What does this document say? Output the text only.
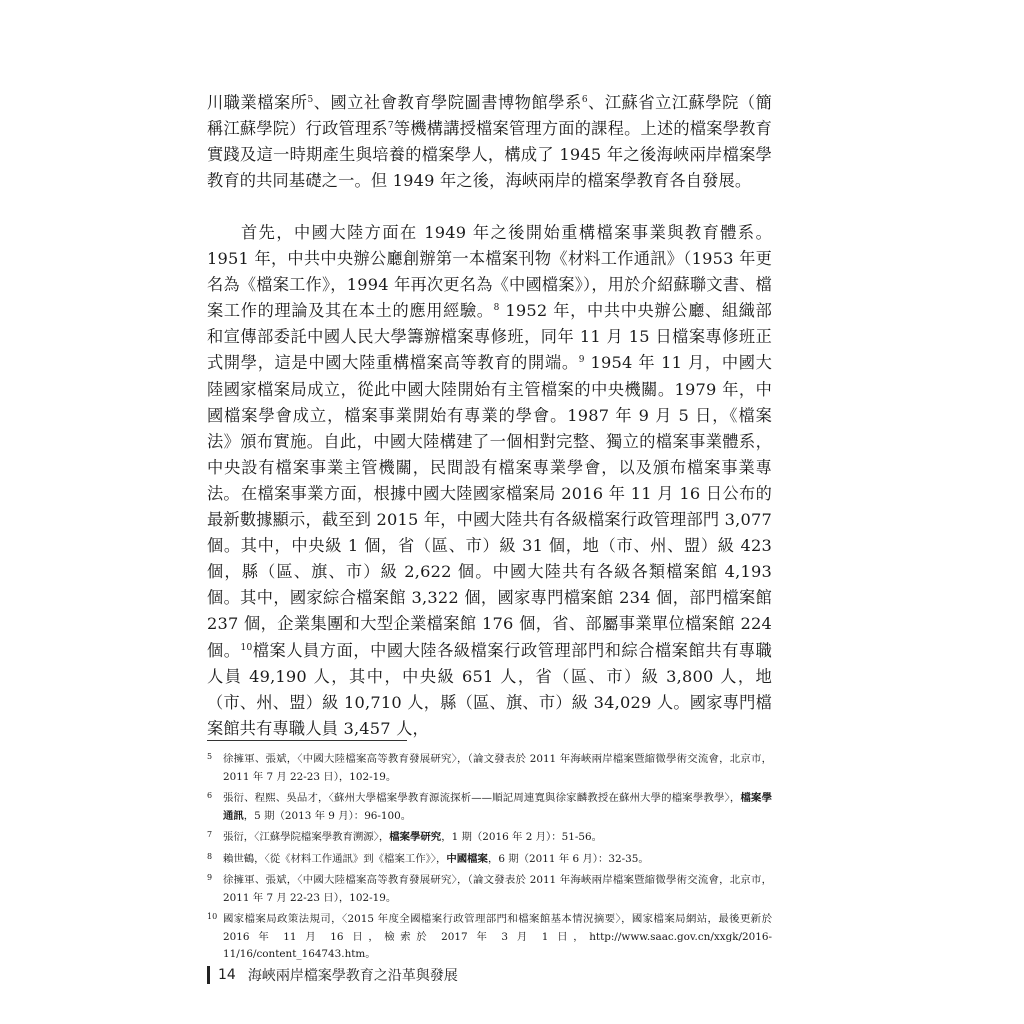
川職業檔案所$^5$、國立社會教育學院圖書博物館學系$^6$、江蘇省立江蘇學院（簡稱江蘇學院）行政管理系$^7$等機構講授檔案管理方面的課程。上述的檔案學教育實踐及這一時期產生與培養的檔案學人，構成了 1945 年之後海峽兩岸檔案學教育的共同基礎之一。但 1949 年之後，海峽兩岸的檔案學教育各自發展。

首先，中國大陸方面在 1949 年之後開始重構檔案事業與教育體系。1951 年，中共中央辦公廳創辦第一本檔案刊物《材料工作通訊》（1953 年更名為《檔案工作》，1994 年再次更名為《中國檔案》），用於介紹蘇聯文書、檔案工作的理論及其在本土的應用經驗。$^8$ 1952 年，中共中央辦公廳、組織部和宣傳部委託中國人民大學籌辦檔案專修班，同年 11 月 15 日檔案專修班正式開學，這是中國大陸重構檔案高等教育的開端。$^9$ 1954 年 11 月，中國大陸國家檔案局成立，從此中國大陸開始有主管檔案的中央機關。1979 年，中國檔案學會成立，檔案事業開始有專業的學會。1987 年 9 月 5 日，《檔案法》頒布實施。自此，中國大陸構建了一個相對完整、獨立的檔案事業體系，中央設有檔案事業主管機關，民間設有檔案專業學會，以及頒布檔案事業專法。 在檔案事業方面，根據中國大陸國家檔案局 2016 年 11 月 16 日公布的最新數據顯示，截至到 2015 年，中國大陸共有各級檔案行政管理部門 3,077 個。其中，中央級 1 個，省（區、市）級 31 個，地（市、州、盟）級 423 個，縣（區、旗、市）級 2,622 個。中國大陸共有各級各類檔案館 4,193 個。其中，國家綜合檔案館 3,322 個，國家專門檔案館 234 個，部門檔案館 237 個，企業集團和大型企業檔案館 176 個，省、部屬事業單位檔案館 224 個。$^{10}$檔案人員方面，中國大陸各級檔案行政管理部門和綜合檔案館共有專職人員 49,190 人，其中，中央級 651 人，省（區、市）級 3,800 人，地（市、州、盟）級 10,710 人，縣（區、旗、市）級 34,029 人。國家專門檔案館共有專職人員 3,457 人，

5 徐擁軍、張斌，〈中國大陸檔案高等教育發展研究〉，（論文發表於 2011 年海峽兩岸檔案暨縮微學術交流會，北京市，2011 年 7 月 22-23 日），102-19。
6 張衍、程熙、吳品才，〈蘇州大學檔案學教育源流探析——順記周連寬與徐家麟教授在蘇州大學的檔案學教學〉，檔案學通訊，5 期（2013 年 9 月）：96-100。
7 張衍，〈江蘇學院檔案學教育溯源〉，檔案學研究，1 期（2016 年 2 月）：51-56。
8 賴世鶴，〈從《材料工作通訊》到《檔案工作》〉，中國檔案，6 期（2011 年 6 月）：32-35。
9 徐擁軍、張斌，〈中國大陸檔案高等教育發展研究〉，（論文發表於 2011 年海峽兩岸檔案暨縮微學術交流會，北京市，2011 年 7 月 22-23 日），102-19。
10 國家檔案局政策法規司，〈2015 年度全國檔案行政管理部門和檔案館基本情況摘要〉，國家檔案局網站，最後更新於 2016 年 11 月 16 日，檢索於 2017 年 3 月 1 日，http://www.saac.gov.cn/xxgk/2016-11/16/content_164743.htm。
14 海峽兩岸檔案學教育之沿革與發展
